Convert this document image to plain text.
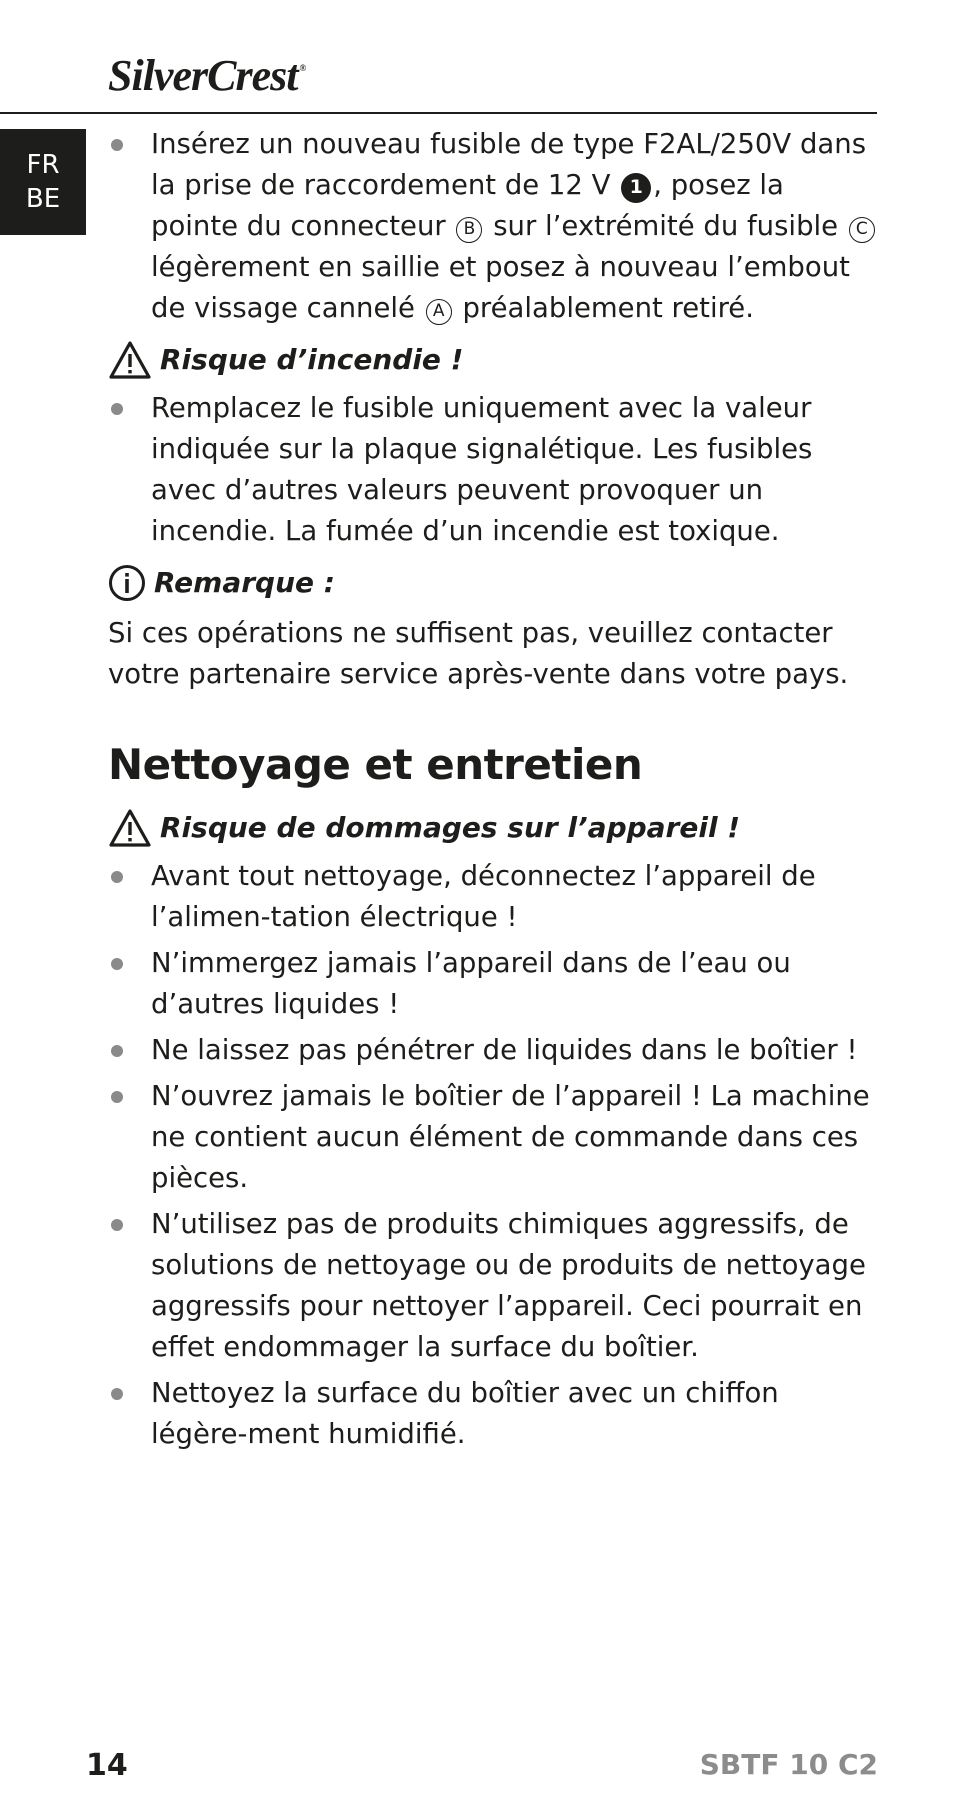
SilverCrest ®
FR
BE
Insérez un nouveau fusible de type F2AL/250V dans la prise de raccordement de 12 V 1 , posez la pointe du connecteur B sur l’extrémité du fusible C légèrement en saillie et posez à nouveau l’embout de vissage cannelé A préalablement retiré.
Risque d’incendie !
Remplacez le fusible uniquement avec la valeur indiquée sur la plaque signalétique. Les fusibles avec d’autres valeurs peuvent provoquer un incendie. La fumée d’un incendie est toxique.
Remarque :

Si ces opérations ne suffisent pas, veuillez contacter votre partenaire service après-vente dans votre pays.

Nettoyage et entretien
Risque de dommages sur l’appareil !
Avant tout nettoyage, déconnectez l’appareil de l’alimen-tation électrique !
N’immergez jamais l’appareil dans de l’eau ou d’autres liquides !
Ne laissez pas pénétrer de liquides dans le boîtier !
N’ouvrez jamais le boîtier de l’appareil ! La machine ne contient aucun élément de commande dans ces pièces.
N’utilisez pas de produits chimiques aggressifs, de solutions de nettoyage ou de produits de nettoyage aggressifs pour nettoyer l’appareil. Ceci pourrait en effet endommager la surface du boîtier.
Nettoyez la surface du boîtier avec un chiffon légère-ment humidifié.
14	SBTF 10 C2
